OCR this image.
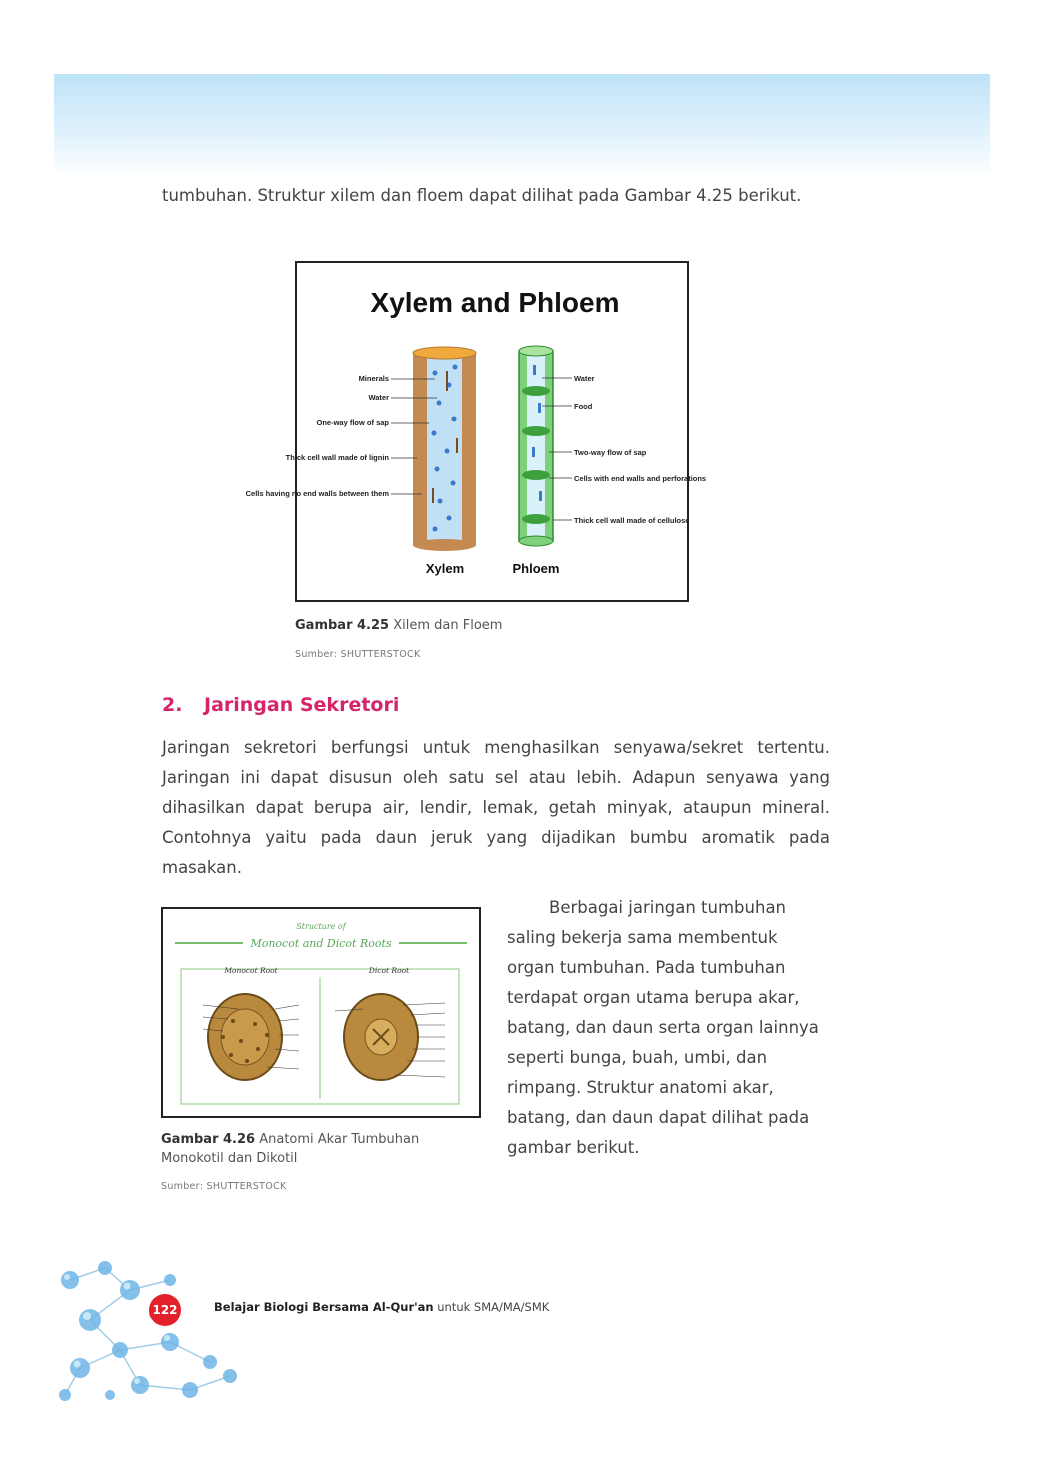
tumbuhan. Struktur xilem dan floem dapat dilihat pada Gambar 4.25 berikut.

Xylem and Phloem
Minerals
Water
One-way flow of sap
Thick cell wall made of lignin
Cells having no end walls between them
Water
Food
Two-way flow of sap
Cells with end walls and perforations
Thick cell wall made of cellulose
Xylem	Phloem

Gambar 4.25 Xilem dan Floem

Sumber: SHUTTERSTOCK

2. Jaringan Sekretori

Jaringan sekretori berfungsi untuk menghasilkan senyawa/sekret tertentu. Jaringan ini dapat disusun oleh satu sel atau lebih. Adapun senyawa yang dihasilkan dapat berupa air, lendir, lemak, getah minyak, ataupun mineral. Contohnya yaitu pada daun jeruk yang dijadikan bumbu aromatik pada masakan.

Structure of
Monocot and Dicot Roots
Monocot Root	Dicot Root

Gambar 4.26 Anatomi Akar Tumbuhan Monokotil dan Dikotil

Sumber: SHUTTERSTOCK

Berbagai jaringan tumbuhan saling bekerja sama membentuk organ tumbuhan. Pada tumbuhan terdapat organ utama berupa akar, batang, dan daun serta organ lainnya seperti bunga, buah, umbi, dan rimpang. Struktur anatomi akar, batang, dan daun dapat dilihat pada gambar berikut.

122	Belajar Biologi Bersama Al-Qur'an untuk SMA/MA/SMK
